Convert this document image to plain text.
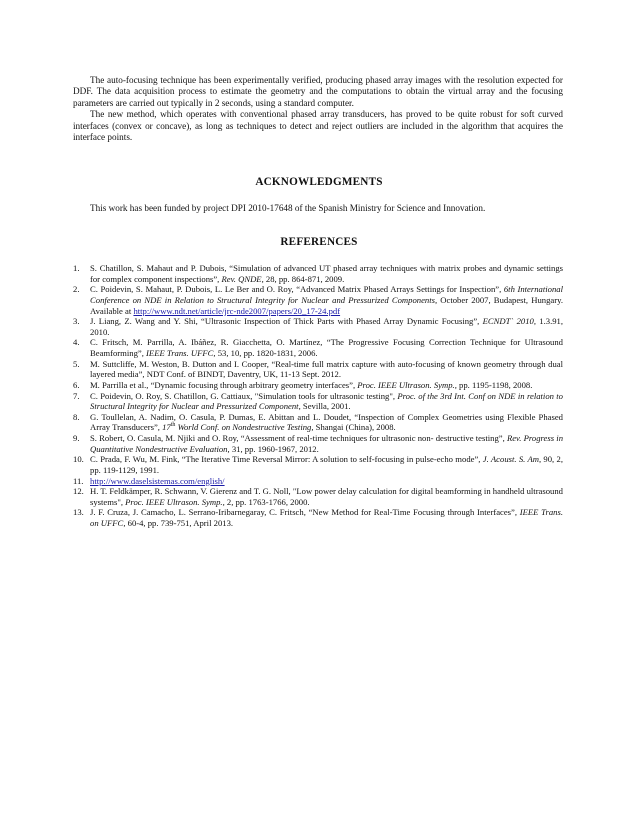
The auto-focusing technique has been experimentally verified, producing phased array images with the resolution expected for DDF. The data acquisition process to estimate the geometry and the computations to obtain the virtual array and the focusing parameters are carried out typically in 2 seconds, using a standard computer.

The new method, which operates with conventional phased array transducers, has proved to be quite robust for soft curved interfaces (convex or concave), as long as techniques to detect and reject outliers are included in the algorithm that acquires the interface points.

ACKNOWLEDGMENTS
This work has been funded by project DPI 2010-17648 of the Spanish Ministry for Science and Innovation.
REFERENCES
1. S. Chatillon, S. Mahaut and P. Dubois, “Simulation of advanced UT phased array techniques with matrix probes and dynamic settings for complex component inspections”, Rev. QNDE, 28, pp. 864-871, 2009.
2. C. Poidevin, S. Mahaut, P. Dubois, L. Le Ber and O. Roy, “Advanced Matrix Phased Arrays Settings for Inspection”, 6th International Conference on NDE in Relation to Structural Integrity for Nuclear and Pressurized Components, October 2007, Budapest, Hungary. Available at http://www.ndt.net/article/jrc-nde2007/papers/20_17-24.pdf
3. J. Liang, Z. Wang and Y. Shi, “Ultrasonic Inspection of Thick Parts with Phased Array Dynamic Focusing”, ECNDT` 2010, 1.3.91, 2010.
4. C. Fritsch, M. Parrilla, A. Ibáñez, R. Giacchetta, O. Martínez, “The Progressive Focusing Correction Technique for Ultrasound Beamforming”, IEEE Trans. UFFC, 53, 10, pp. 1820-1831, 2006.
5. M. Suttcliffe, M. Weston, B. Dutton and I. Cooper, “Real-time full matrix capture with auto-focusing of known geometry through dual layered media”, NDT Conf. of BINDT, Daventry, UK, 11-13 Sept. 2012.
6. M. Parrilla et al., “Dynamic focusing through arbitrary geometry interfaces”, Proc. IEEE Ultrason. Symp., pp. 1195-1198, 2008.
7. C. Poidevin, O. Roy, S. Chatillon, G. Cattiaux, "Simulation tools for ultrasonic testing", Proc. of the 3rd Int. Conf on NDE in relation to Structural Integrity for Nuclear and Pressurized Component, Sevilla, 2001.
8. G. Toullelan, A. Nadim, O. Casula, P. Dumas, E. Abittan and L. Doudet, “Inspection of Complex Geometries using Flexible Phased Array Transducers”, 17th World Conf. on Nondestructive Testing, Shangai (China), 2008.
9. S. Robert, O. Casula, M. Njiki and O. Roy, “Assessment of real-time techniques for ultrasonic non- destructive testing”, Rev. Progress in Quantitative Nondestructive Evaluation, 31, pp. 1960-1967, 2012.
10. C. Prada, F. Wu, M. Fink, “The Iterative Time Reversal Mirror: A solution to self-focusing in pulse-echo mode”, J. Acoust. S. Am, 90, 2, pp. 119-1129, 1991.
11. http://www.daselsistemas.com/english/
12. H. T. Feldkämper, R. Schwann, V. Gierenz and T. G. Noll, "Low power delay calculation for digital beamforming in handheld ultrasound systems", Proc. IEEE Ultrason. Symp., 2, pp. 1763-1766, 2000.
13. J. F. Cruza, J. Camacho, L. Serrano-Iribarnegaray, C. Fritsch, “New Method for Real-Time Focusing through Interfaces”, IEEE Trans. on UFFC, 60-4, pp. 739-751, April 2013.
